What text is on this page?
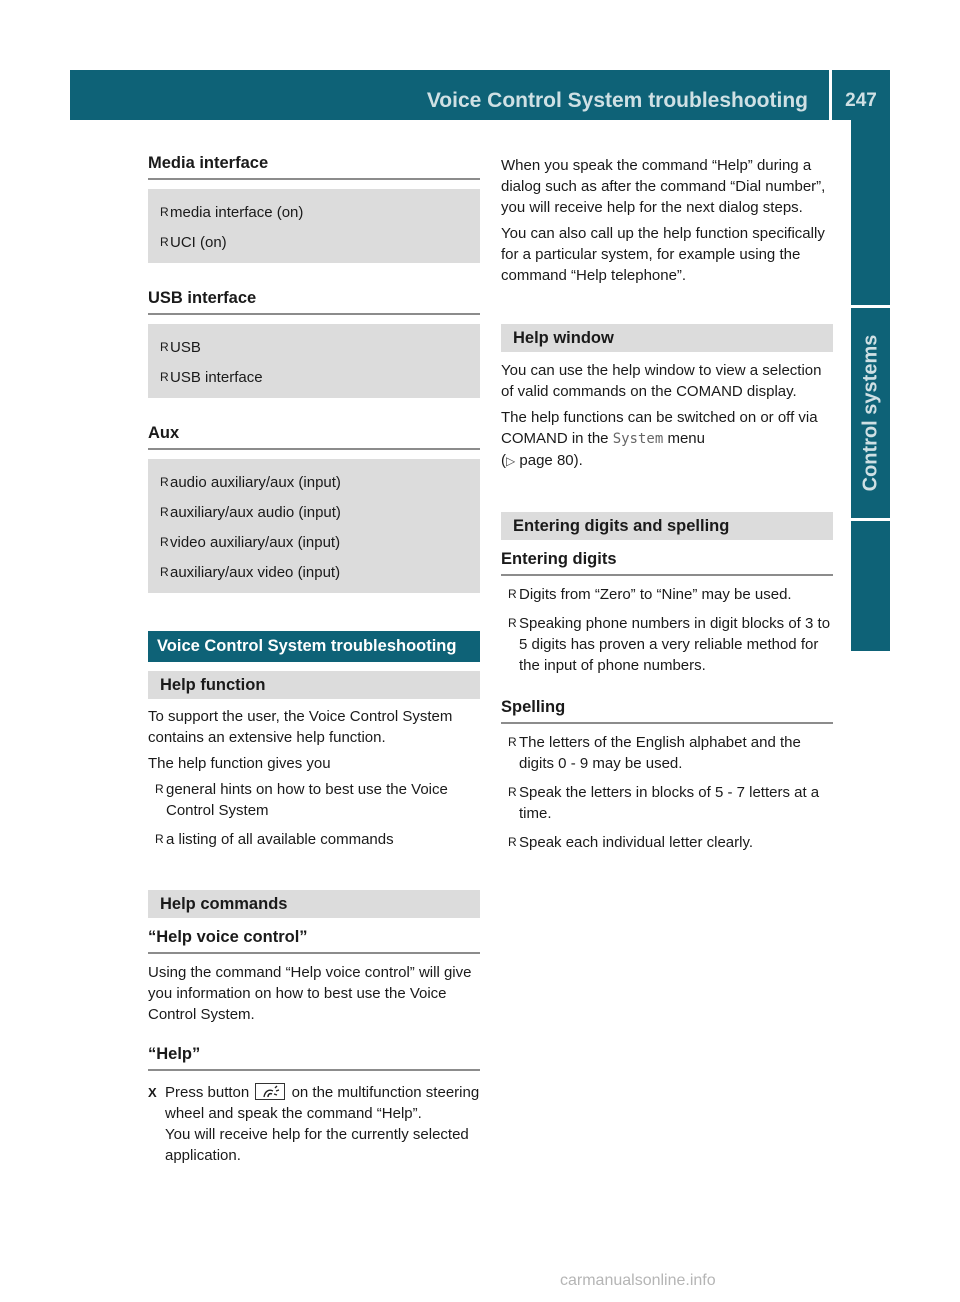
Voice Control System troubleshooting	247
Control systems
Media interface
Rmedia interface (on)
RUCI (on)
USB interface
RUSB
RUSB interface
Aux
Raudio auxiliary/aux (input)
Rauxiliary/aux audio (input)
Rvideo auxiliary/aux (input)
Rauxiliary/aux video (input)
Voice Control System troubleshooting
Help function

To support the user, the Voice Control System contains an extensive help function.

The help function gives you

R general hints on how to best use the Voice Control System
R a listing of all available commands
Help commands
“Help voice control”

Using the command “Help voice control” will give you information on how to best use the Voice Control System.

“Help”
X Press button	on the multifunction steering wheel and speak the command “Help”.
You will receive help for the currently selected application.

When you speak the command “Help” during a dialog such as after the command “Dial number”, you will receive help for the next dialog steps.

You can also call up the help function specifically for a particular system, for example using the command “Help telephone”.

Help window

You can use the help window to view a selection of valid commands on the COMAND display.

The help functions can be switched on or off via COMAND in the System menu
(▷ page 80).

Entering digits and spelling
Entering digits
R Digits from “Zero” to “Nine” may be used.
R Speaking phone numbers in digit blocks of 3 to 5 digits has proven a very reliable method for the input of phone numbers.
Spelling
R The letters of the English alphabet and the digits 0 - 9 may be used.
R Speak the letters in blocks of 5 - 7 letters at a time.
R Speak each individual letter clearly.
carmanualsonline.info
